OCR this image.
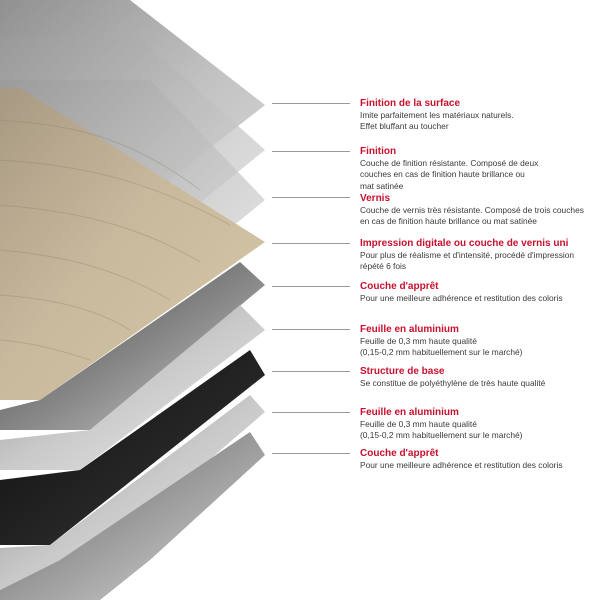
Finition de la surface
Imite parfaitement les matériaux naturels.
Effet bluffant au toucher
Finition
Couche de finition résistante. Composé de deux
couches en cas de finition haute brillance ou
mat satinée
Vernis
Couche de vernis très résistante. Composé de trois couches
en cas de finition haute brillance ou mat satinée
Impression digitale ou couche de vernis uni
Pour plus de réalisme et d'intensité, procédé d'impression
répété 6 fois
Couche d'apprêt
Pour une meilleure adhérence et restitution des coloris
Feuille en aluminium
Feuille de 0,3 mm haute qualité
(0,15-0,2 mm habituellement sur le marché)
Structure de base
Se constitue de polyéthylène de très haute qualité
Feuille en aluminium
Feuille de 0,3 mm haute qualité
(0,15-0,2 mm habituellement sur le marché)
Couche d'apprêt
Pour une meilleure adhérence et restitution des coloris
